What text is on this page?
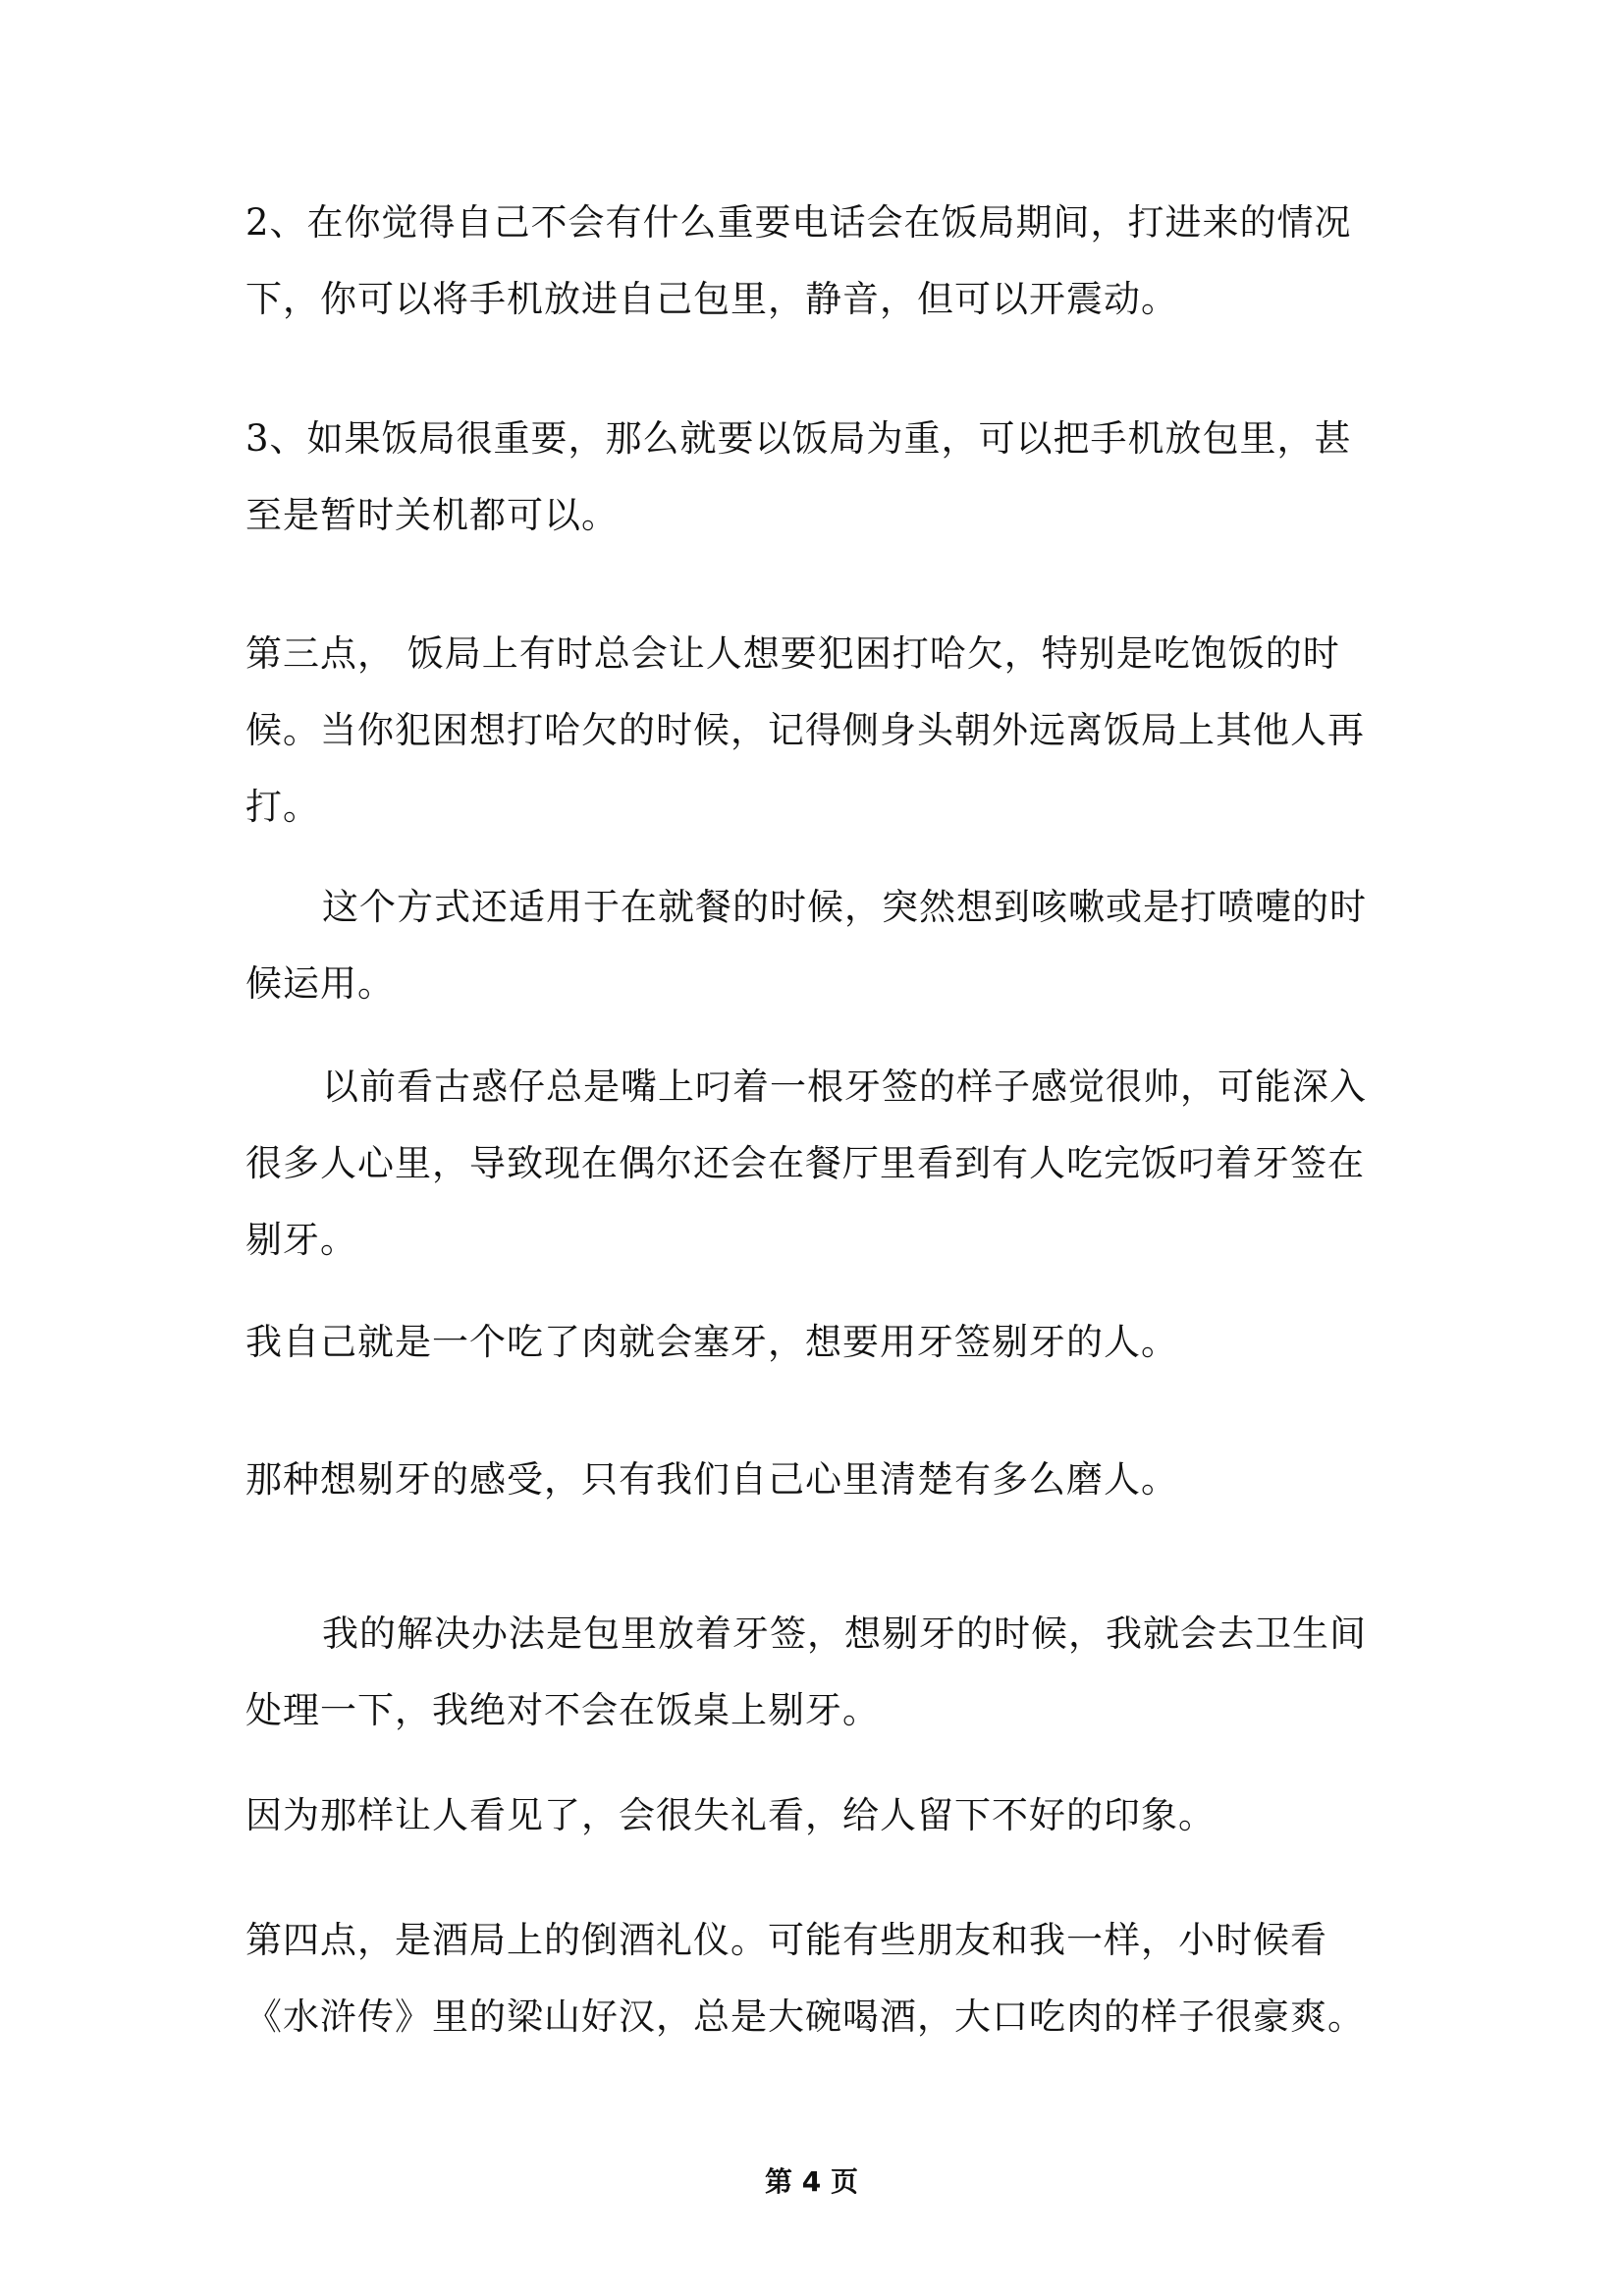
2、在你觉得自己不会有什么重要电话会在饭局期间，打进来的情况下，你可以将手机放进自己包里，静音，但可以开震动。

3、如果饭局很重要，那么就要以饭局为重，可以把手机放包里，甚至是暂时关机都可以。

第三点， 饭局上有时总会让人想要犯困打哈欠，特别是吃饱饭的时候。当你犯困想打哈欠的时候，记得侧身头朝外远离饭局上其他人再打。

这个方式还适用于在就餐的时候，突然想到咳嗽或是打喷嚏的时候运用。

以前看古惑仔总是嘴上叼着一根牙签的样子感觉很帅，可能深入很多人心里，导致现在偶尔还会在餐厅里看到有人吃完饭叼着牙签在剔牙。

我自己就是一个吃了肉就会塞牙，想要用牙签剔牙的人。

那种想剔牙的感受，只有我们自己心里清楚有多么磨人。

我的解决办法是包里放着牙签，想剔牙的时候，我就会去卫生间处理一下，我绝对不会在饭桌上剔牙。

因为那样让人看见了，会很失礼看，给人留下不好的印象。

第四点，是酒局上的倒酒礼仪。可能有些朋友和我一样，小时候看《水浒传》里的梁山好汉，总是大碗喝酒，大口吃肉的样子很豪爽。

第 4 页
